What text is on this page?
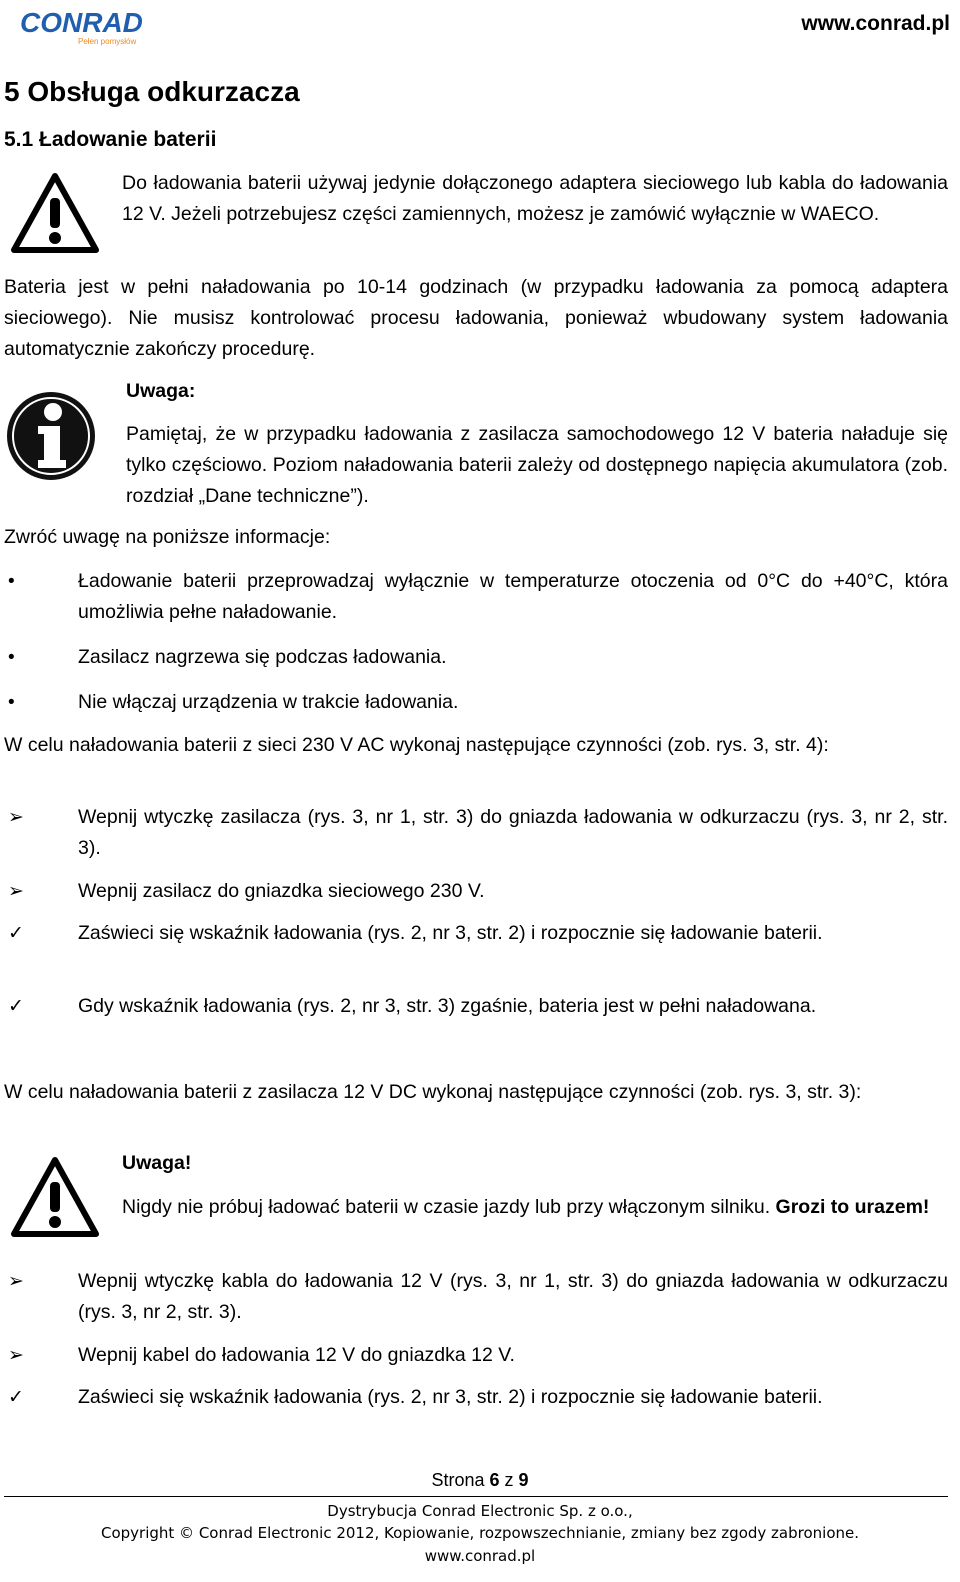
CONRAD
Pełen pomysłów
www.conrad.pl
5 Obsługa odkurzacza
5.1 Ładowanie baterii
Do ładowania baterii używaj jedynie dołączonego adaptera sieciowego lub kabla do ładowania 12 V. Jeżeli potrzebujesz części zamiennych, możesz je zamówić wyłącznie w WAECO.
Bateria jest w pełni naładowania po 10-14 godzinach (w przypadku ładowania za pomocą adaptera sieciowego). Nie musisz kontrolować procesu ładowania, ponieważ wbudowany system ładowania automatycznie zakończy procedurę.
Uwaga:
Pamiętaj, że w przypadku ładowania z zasilacza samochodowego 12 V bateria naładuje się tylko częściowo. Poziom naładowania baterii zależy od dostępnego napięcia akumulatora (zob. rozdział „Dane techniczne”).
Zwróć uwagę na poniższe informacje:
•	Ładowanie baterii przeprowadzaj wyłącznie w temperaturze otoczenia od 0°C do +40°C, która umożliwia pełne naładowanie.
•	Zasilacz nagrzewa się podczas ładowania.
•	Nie włączaj urządzenia w trakcie ładowania.
W celu naładowania baterii z sieci 230 V AC wykonaj następujące czynności (zob. rys. 3, str. 4):
➢	Wepnij wtyczkę zasilacza (rys. 3, nr 1, str. 3) do gniazda ładowania w odkurzaczu (rys. 3, nr 2, str. 3).
➢	Wepnij zasilacz do gniazdka sieciowego 230 V.
✓	Zaświeci się wskaźnik ładowania (rys. 2, nr 3, str. 2) i rozpocznie się ładowanie baterii.
✓	Gdy wskaźnik ładowania (rys. 2, nr 3, str. 3) zgaśnie, bateria jest w pełni naładowana.
W celu naładowania baterii z zasilacza 12 V DC wykonaj następujące czynności (zob. rys. 3, str. 3):
Uwaga!
Nigdy nie próbuj ładować baterii w czasie jazdy lub przy włączonym silniku. Grozi to urazem!
➢	Wepnij wtyczkę kabla do ładowania 12 V (rys. 3, nr 1, str. 3) do gniazda ładowania w odkurzaczu (rys. 3, nr 2, str. 3).
➢	Wepnij kabel do ładowania 12 V do gniazdka 12 V.
✓	Zaświeci się wskaźnik ładowania (rys. 2, nr 3, str. 2) i rozpocznie się ładowanie baterii.
Strona 6 z 9
Dystrybucja Conrad Electronic Sp. z o.o.,
Copyright © Conrad Electronic 2012, Kopiowanie, rozpowszechnianie, zmiany bez zgody zabronione.
www.conrad.pl
